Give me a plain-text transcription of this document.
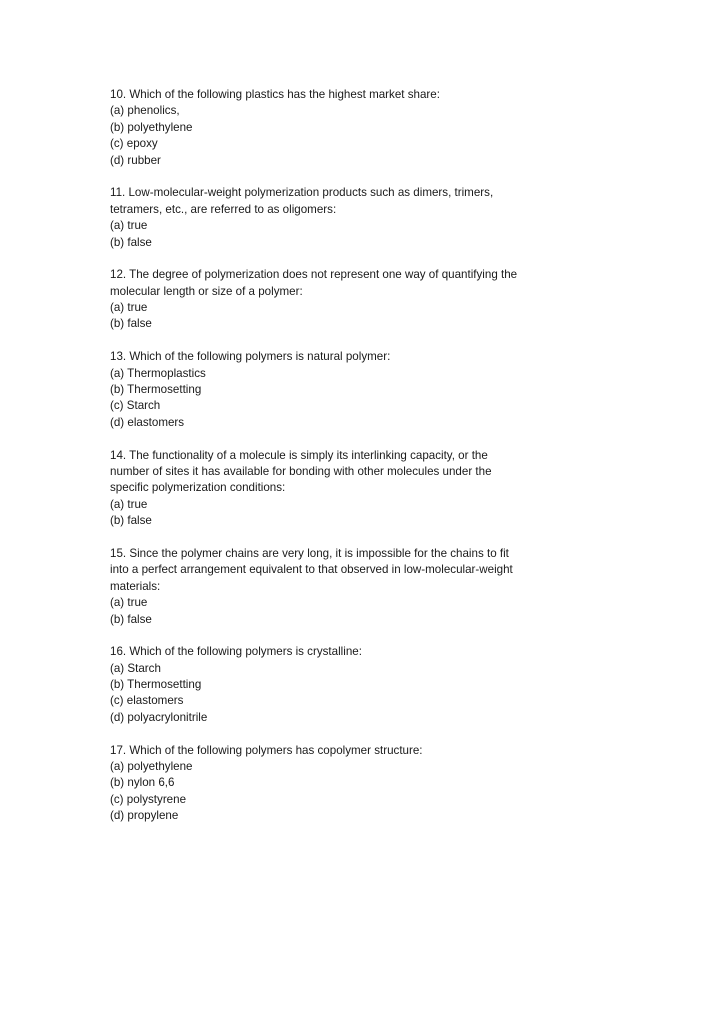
10. Which of the following plastics has the highest market share:
(a) phenolics,
(b) polyethylene
(c) epoxy
(d) rubber
11. Low-molecular-weight polymerization products such as dimers, trimers,
tetramers, etc., are referred to as oligomers:
(a) true
(b) false
12. The degree of polymerization does not represent one way of quantifying the
molecular length or size of a polymer:
(a) true
(b) false
13. Which of the following polymers is natural polymer:
(a) Thermoplastics
(b) Thermosetting
(c) Starch
(d) elastomers
14. The functionality of a molecule is simply its interlinking capacity, or the
number of sites it has available for bonding with other molecules under the
specific polymerization conditions:
(a) true
(b) false
15. Since the polymer chains are very long, it is impossible for the chains to fit
into a perfect arrangement equivalent to that observed in low-molecular-weight
materials:
(a) true
(b) false
16. Which of the following polymers is crystalline:
(a) Starch
(b) Thermosetting
(c) elastomers
(d) polyacrylonitrile
17. Which of the following polymers has copolymer structure:
(a) polyethylene
(b) nylon 6,6
(c) polystyrene
(d) propylene
